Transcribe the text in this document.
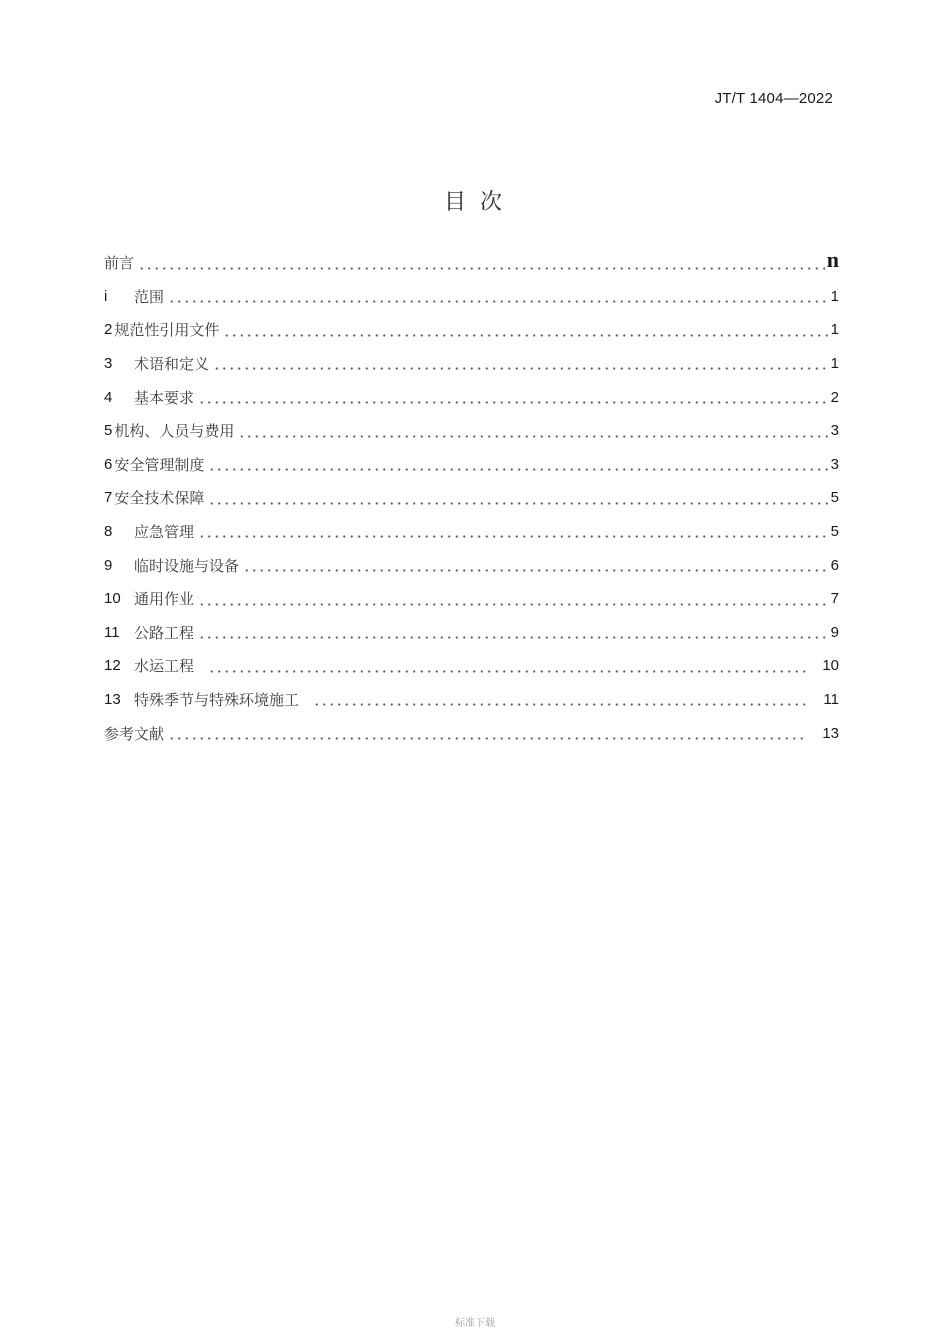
JT/T 1404—2022
目次
前言	n
i	范围	1
2 规范性引用文件	1
3	术语和定义	1
4	基本要求	2
5 机构、人员与费用	3
6 安全管理制度	3
7 安全技术保障	5
8	应急管理	5
9	临时设施与设备	6
10 通用作业	7
11 公路工程	9
12 水运工程	10
13 特殊季节与特殊环境施工	11
参考文献	13
标准下载
